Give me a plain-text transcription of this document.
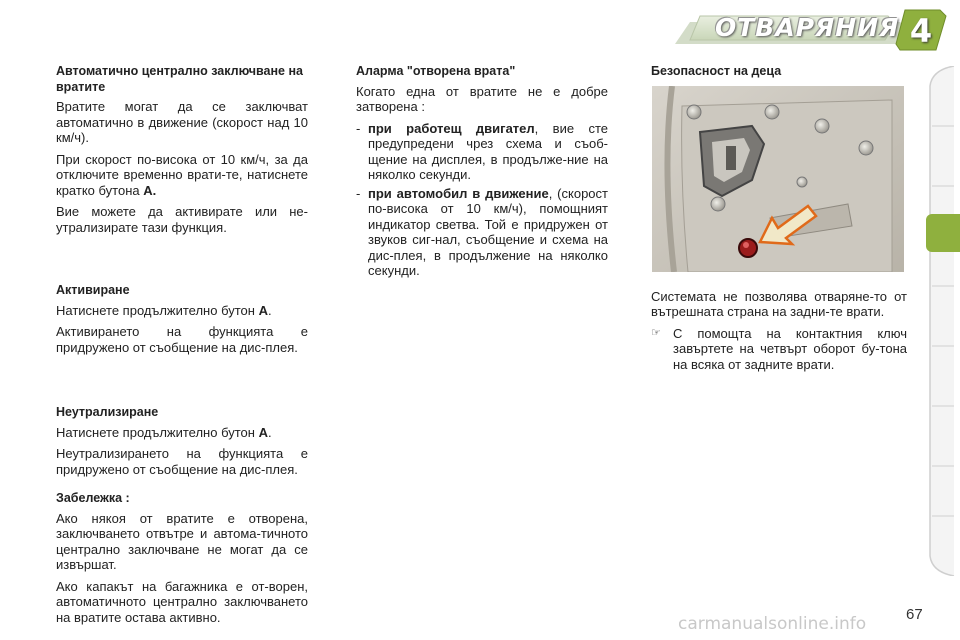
ОТВАРЯНИЯ 4
Автоматично централно заключване на вратите

Вратите могат да се заключват автоматично в движение (скорост над 10 км/ч).

При скорост по-висока от 10 км/ч, за да отключите временно врати-те, натиснете кратко бутона A.

Вие можете да активирате или не-утрализирате тази функция.

Активиране

Натиснете продължително бутон A.

Активирането на функцията е придружено от съобщение на дис-плея.

Неутрализиране

Натиснете продължително бутон A.

Неутрализирането на функцията е придружено от съобщение на дис-плея.

Забележка :

Ако някоя от вратите е отворена, заключването отвътре и автома-тичното централно заключване не могат да се извършат.

Ако капакът на багажника е от-ворен, автоматичното централно заключването на вратите остава активно.

Аларма "отворена врата"

Когато една от вратите не е добре затворена :

- при работещ двигател, вие сте предупредени чрез схема и съоб-щение на дисплея, в продълже-ние на няколко секунди.
- при автомобил в движение, (скорост по-висока от 10 км/ч), помощният индикатор светва. Той е придружен от звуков сиг-нал, съобщение и схема на дис-плея, в продължение на няколко секунди.
Безопасност на деца

Системата не позволява отваряне-то от вътрешната страна на задни-те врати.

☞ С помощта на контактния ключ завъртете на четвърт оборот бу-тона на всяка от задните врати.
carmanualsonline.info	67
